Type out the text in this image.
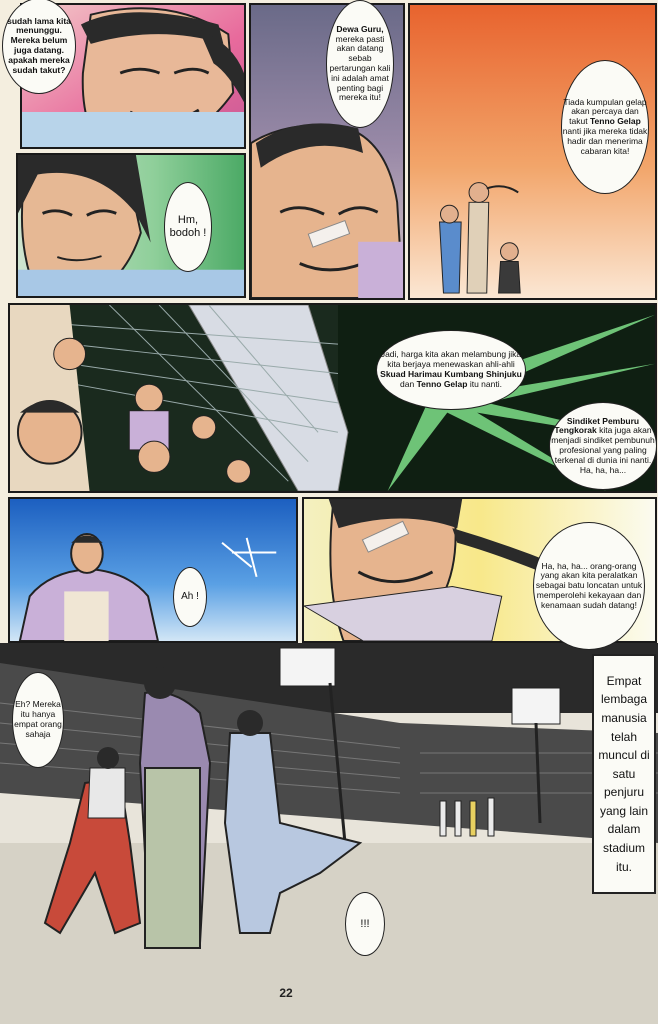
sudah lama kita menunggu. Mereka belum juga datang. apakah mereka sudah takut?
Dewa Guru, mereka pasti akan datang sebab pertarungan kali ini adalah amat penting bagi mereka itu!	Tiada kumpulan gelap akan percaya dan takut Tenno Gelap nanti jika mereka tidak hadir dan menerima cabaran kita!
Hm, bodoh !
Jadi, harga kita akan melambung jika kita berjaya menewaskan ahli-ahli Skuad Harimau Kumbang Shinjuku dan Tenno Gelap itu nanti.
Sindiket Pemburu Tengkorak kita juga akan menjadi sindiket pembunuh profesional yang paling terkenal di dunia ini nanti. Ha, ha, ha...
Ah !
Ha, ha, ha... orang-orang yang akan kita peralatkan sebagai batu loncatan untuk memperolehi kekayaan dan kenamaan sudah datang!
Eh? Mereka itu hanya empat orang sahaja
!!!
Empat lembaga manusia telah muncul di satu penjuru yang lain dalam stadium itu.
22
